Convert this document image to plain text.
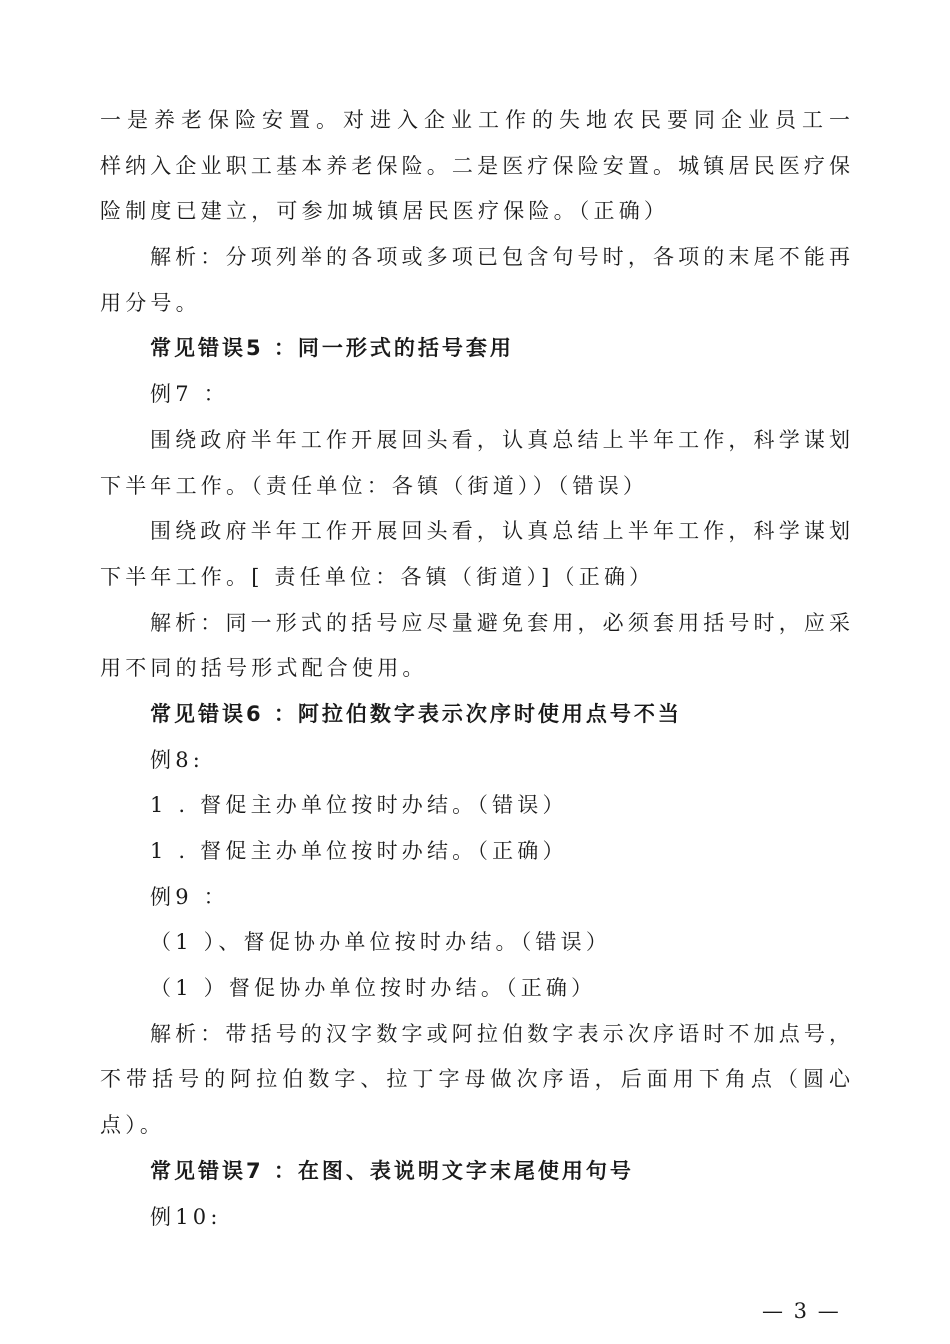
一是养老保险安置。对进入企业工作的失地农民要同企业员工一
样纳入企业职工基本养老保险。二是医疗保险安置。城镇居民医疗保
险制度已建立，可参加城镇居民医疗保险。（正确）
解析：分项列举的各项或多项已包含句号时，各项的末尾不能再
用分号。
常见错误5 ：同一形式的括号套用
例7 ：
围绕政府半年工作开展回头看，认真总结上半年工作，科学谋划
下半年工作。（责任单位：各镇（街道））（错误）
围绕政府半年工作开展回头看，认真总结上半年工作，科学谋划
下半年工作。[ 责任单位：各镇（街道）]（正确）
解析：同一形式的括号应尽量避免套用，必须套用括号时，应采
用不同的括号形式配合使用。
常见错误6 ：阿拉伯数字表示次序时使用点号不当
例8:
1 . 督促主办单位按时办结。（错误）
1 . 督促主办单位按时办结。（正确）
例9 ：
（1 ）、督促协办单位按时办结。（错误）
（1 ）督促协办单位按时办结。（正确）
解析：带括号的汉字数字或阿拉伯数字表示次序语时不加点号，
不带括号的阿拉伯数字、拉丁字母做次序语，后面用下角点（圆心
点）。
常见错误7 ：在图、表说明文字末尾使用句号
例10:
— 3 —
